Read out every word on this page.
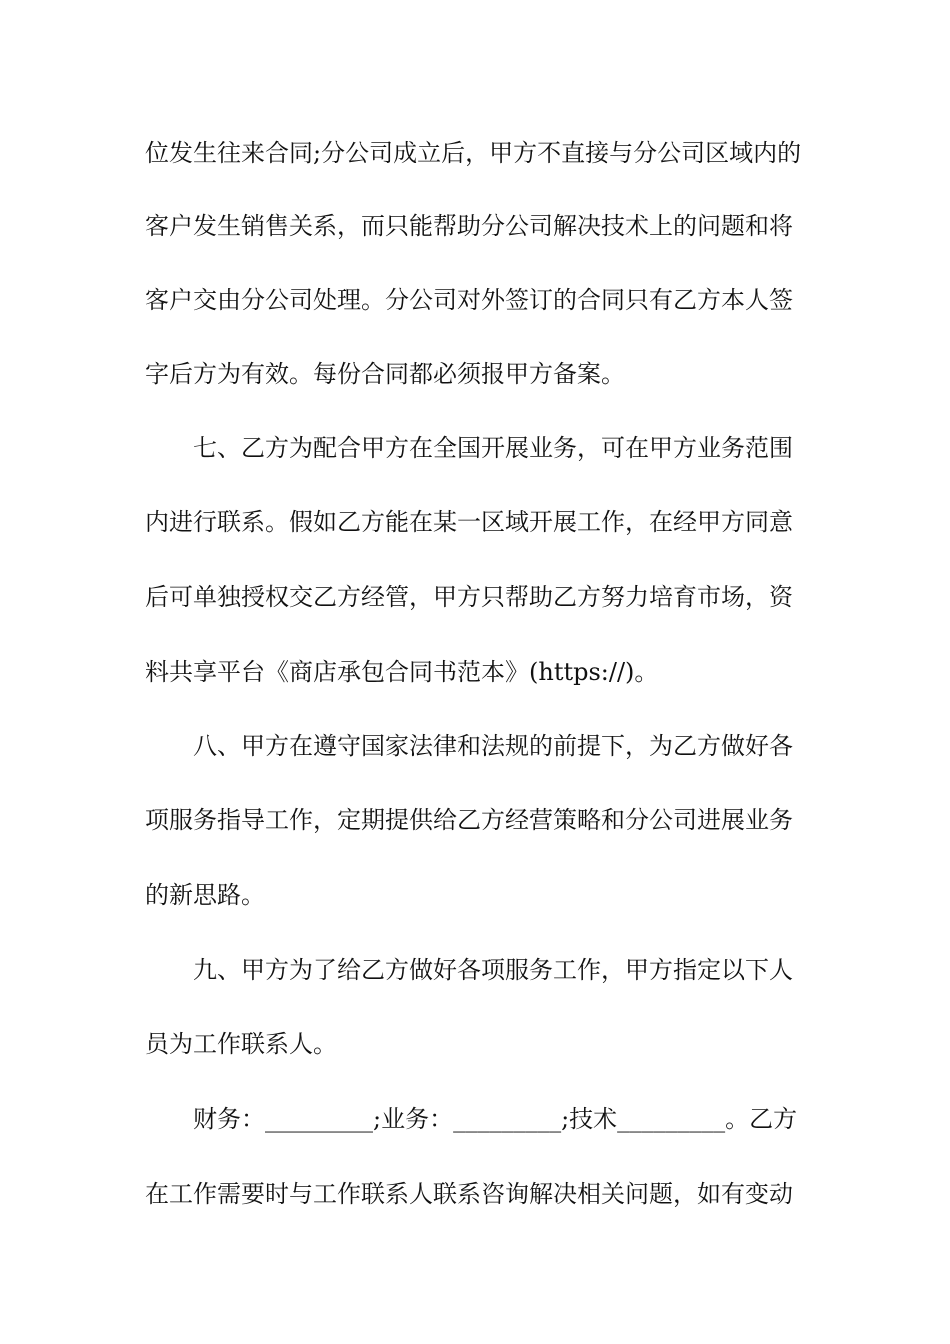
位发生往来合同;分公司成立后，甲方不直接与分公司区域内的
客户发生销售关系，而只能帮助分公司解决技术上的问题和将
客户交由分公司处理。分公司对外签订的合同只有乙方本人签
字后方为有效。每份合同都必须报甲方备案。
七、乙方为配合甲方在全国开展业务，可在甲方业务范围
内进行联系。假如乙方能在某一区域开展工作，在经甲方同意
后可单独授权交乙方经管，甲方只帮助乙方努力培育市场，资
料共享平台《商店承包合同书范本》(https://)。
八、甲方在遵守国家法律和法规的前提下，为乙方做好各
项服务指导工作，定期提供给乙方经营策略和分公司进展业务
的新思路。
九、甲方为了给乙方做好各项服务工作，甲方指定以下人
员为工作联系人。
财务：_________;业务：_________;技术_________。乙方
在工作需要时与工作联系人联系咨询解决相关问题，如有变动
